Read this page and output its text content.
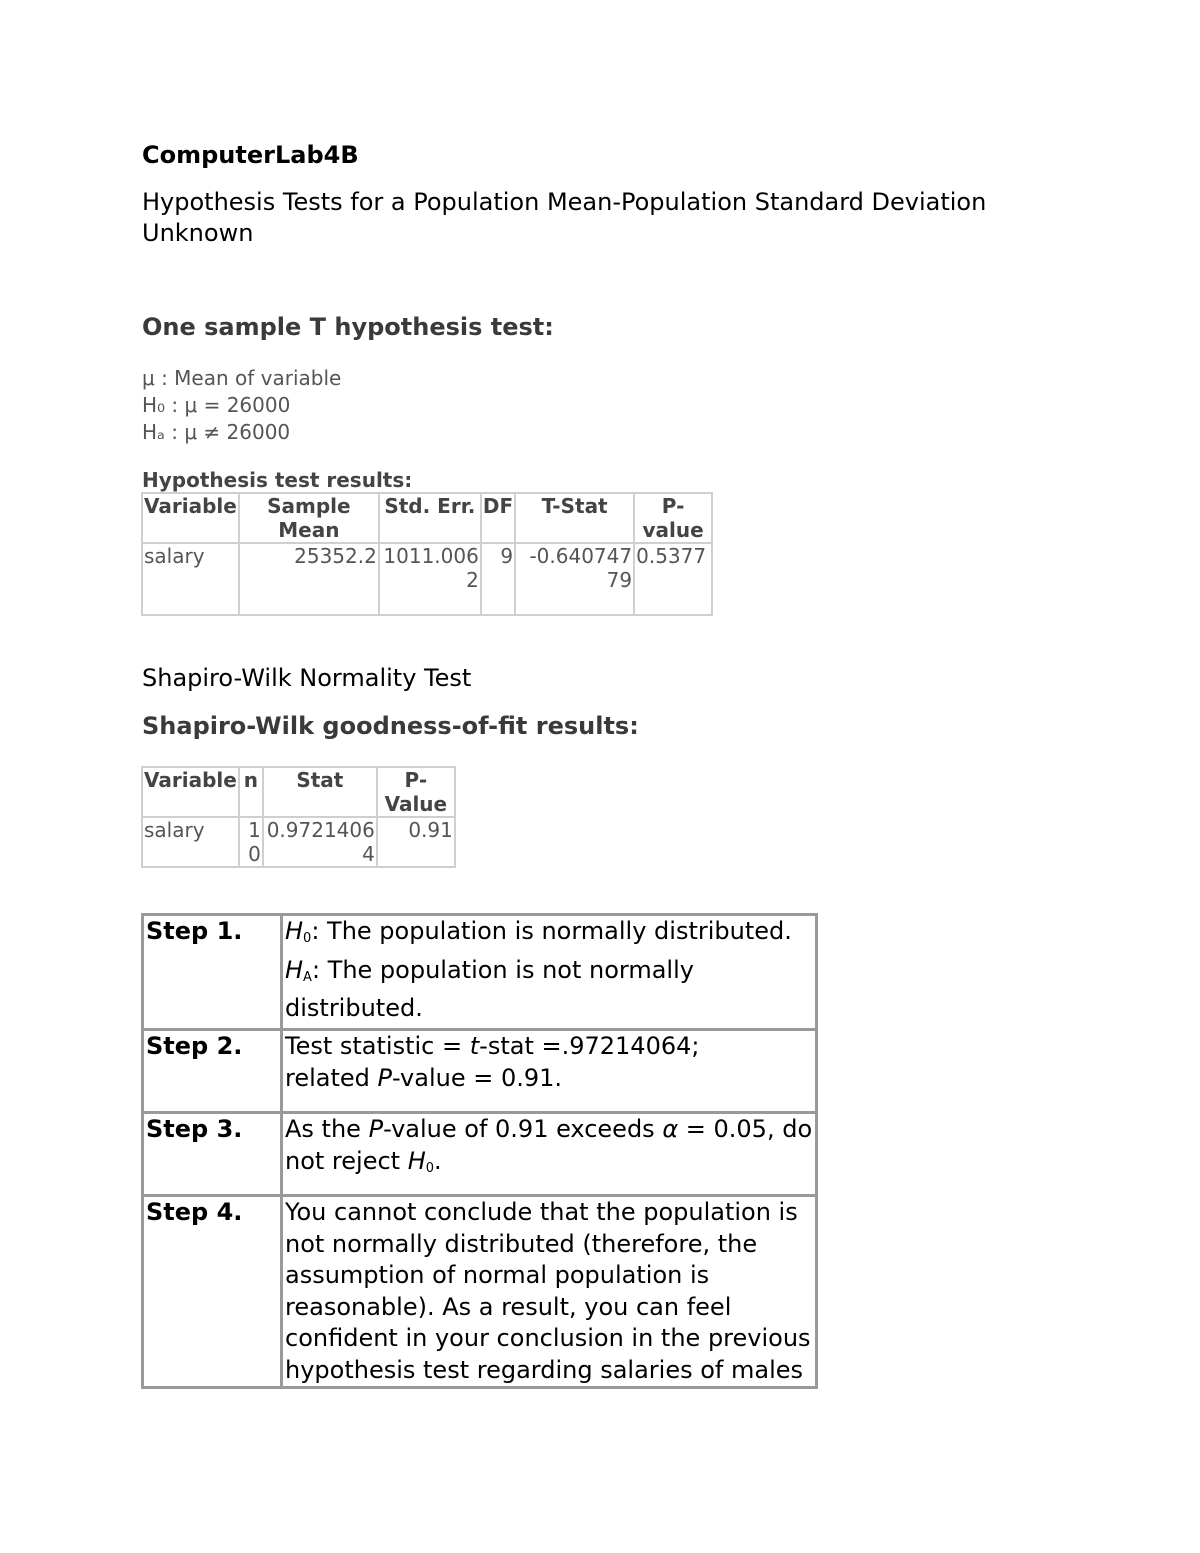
ComputerLab4B
Hypothesis Tests for a Population Mean-Population Standard Deviation Unknown
One sample T hypothesis test:
μ : Mean of variable
H₀ : μ = 26000
Hₐ : μ ≠ 26000
Hypothesis test results:
Variable	Sample Mean	Std. Err.	DF	T-Stat	P-value
salary	25352.2	1011.0062	9	-0.64074779	0.5377
Shapiro-Wilk Normality Test
Shapiro-Wilk goodness-of-fit results:
Variable	n	Stat	P-Value
salary	10	0.97214064	0.91
Step 1.	$H_0$: The population is normally distributed.
$H_A$: The population is not normally distributed.
Step 2.	Test statistic = t-stat =.97214064;
related P-value = 0.91.
Step 3.	As the P-value of 0.91 exceeds α = 0.05, do not reject $H_0$.
Step 4.	You cannot conclude that the population is not normally distributed (therefore, the assumption of normal population is reasonable). As a result, you can feel confident in your conclusion in the previous hypothesis test regarding salaries of males
